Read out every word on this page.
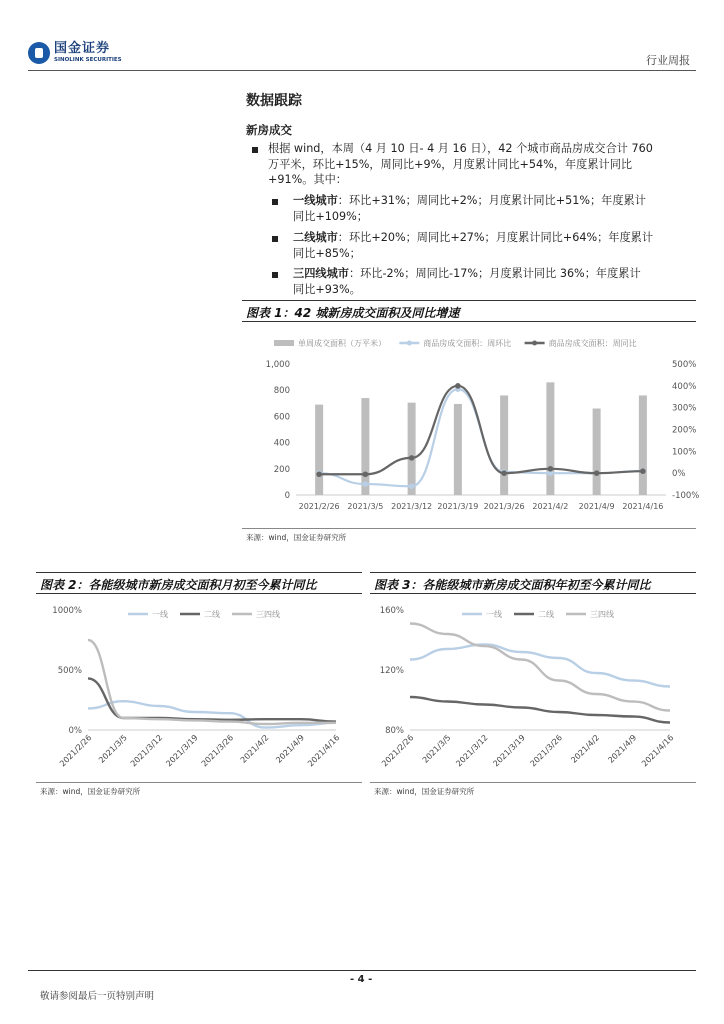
国金证券
SINOLINK SECURITIES	行业周报
数据跟踪
新房成交
根据 wind，本周（4 月 10 日- 4 月 16 日），42 个城市商品房成交合计 760
万平米，环比+15%，周同比+9%，月度累计同比+54%，年度累计同比
+91%。其中：
一线城市：环比+31%；周同比+2%；月度累计同比+51%；年度累计
同比+109%；
二线城市：环比+20%；周同比+27%；月度累计同比+64%；年度累计
同比+85%；
三四线城市：环比-2%；周同比-17%；月度累计同比 36%；年度累计
同比+93%。
图表 1：42 城新房成交面积及同比增速
单周成交面积（万平米）	商品房成交面积：周环比	商品房成交面积：周同比
0
200
400
600
800
1,000
-100%
0%
100%
200%
300%
400%
500%
2021/2/26 2021/3/5 2021/3/12 2021/3/19 2021/3/26 2021/4/2 2021/4/9 2021/4/16
来源：wind，国金证券研究所
图表 2：各能级城市新房成交面积月初至今累计同比
一线	二线	三四线
0%
500%
1000%
2021/2/26 2021/3/5 2021/3/12 2021/3/19 2021/3/26 2021/4/2 2021/4/9 2021/4/16
来源：wind，国金证券研究所
图表 3：各能级城市新房成交面积年初至今累计同比
一线	二线	三四线
80%
120%
160%
2021/2/26 2021/3/5 2021/3/12 2021/3/19 2021/3/26 2021/4/2 2021/4/9 2021/4/16
来源：wind，国金证券研究所
- 4 -
敬请参阅最后一页特别声明
